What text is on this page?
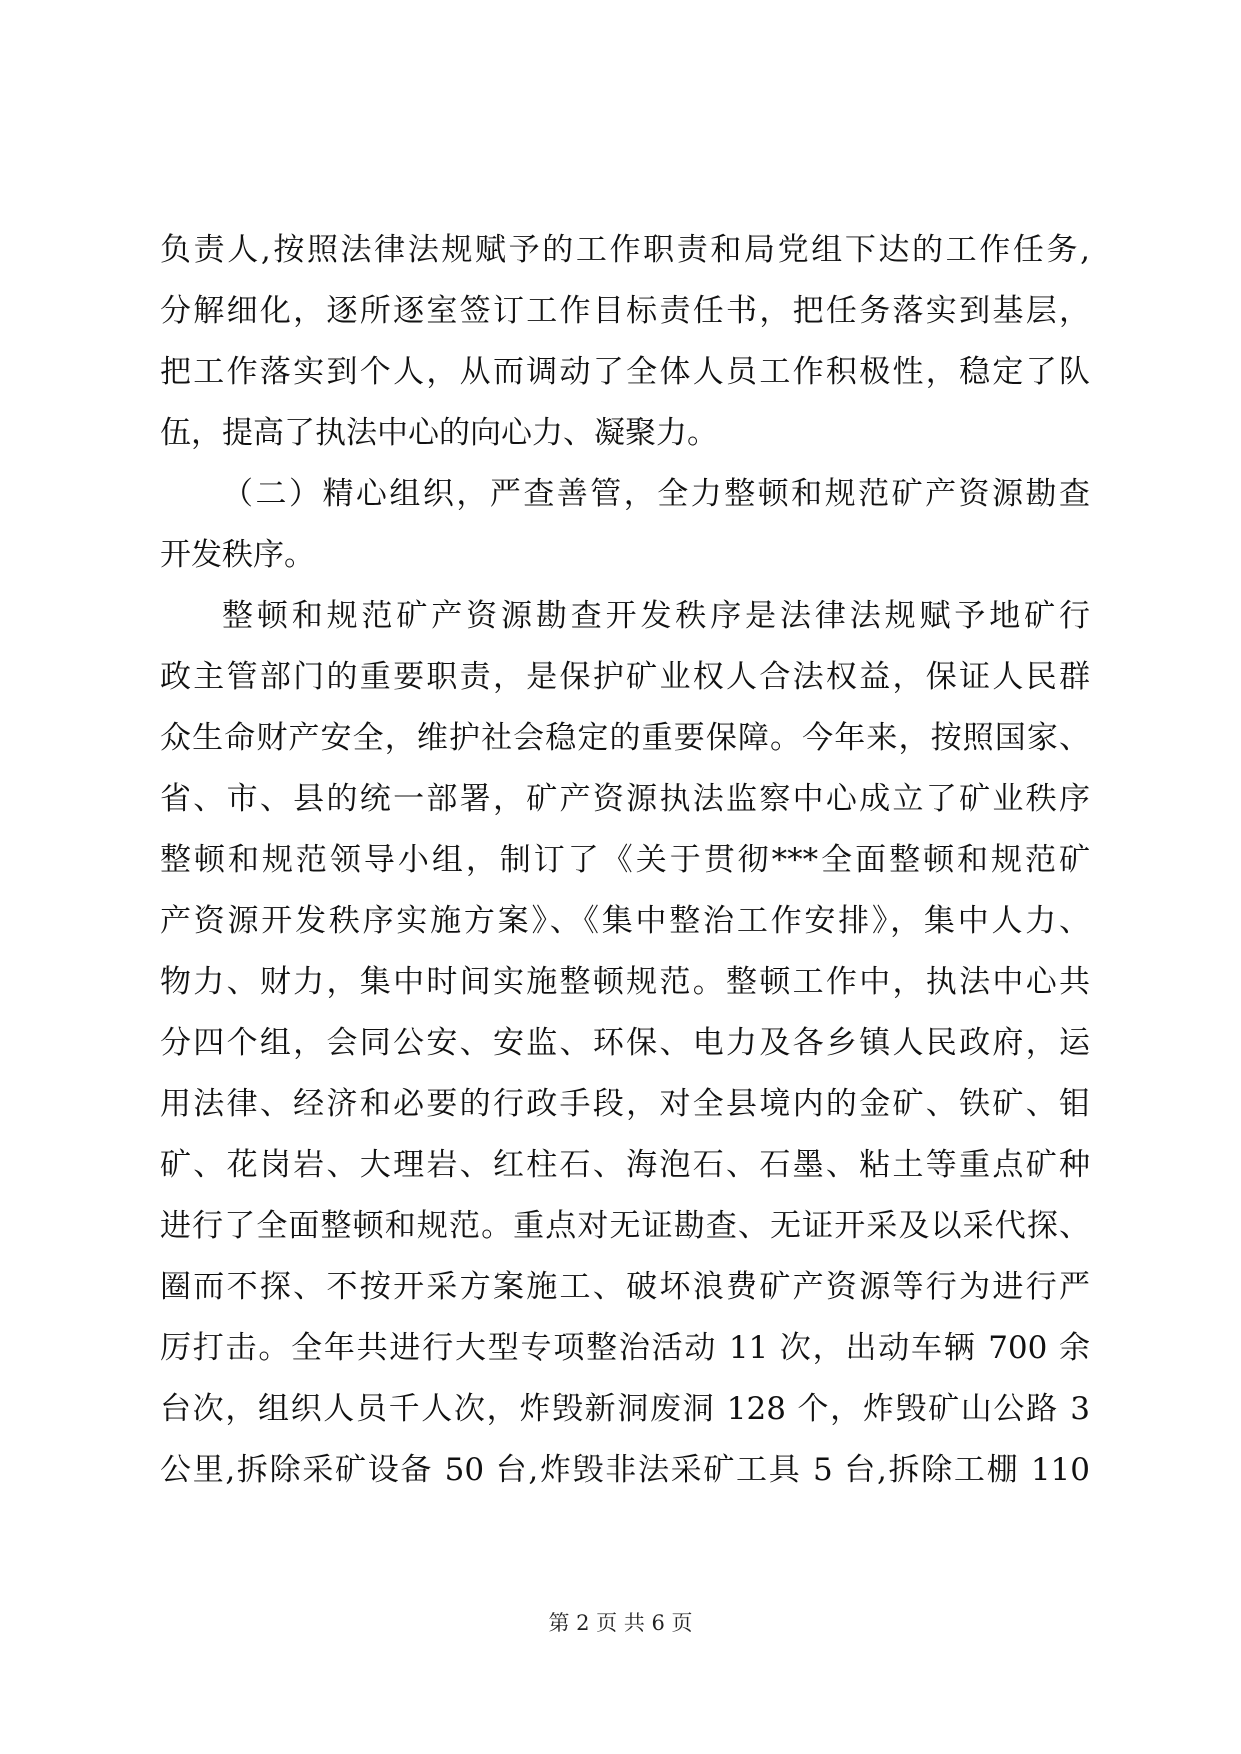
负责人,按照法律法规赋予的工作职责和局党组下达的工作任务,
分解细化，逐所逐室签订工作目标责任书，把任务落实到基层，
把工作落实到个人，从而调动了全体人员工作积极性，稳定了队
伍，提高了执法中心的向心力、凝聚力。
（二）精心组织，严查善管，全力整顿和规范矿产资源勘查
开发秩序。
整顿和规范矿产资源勘查开发秩序是法律法规赋予地矿行
政主管部门的重要职责，是保护矿业权人合法权益，保证人民群
众生命财产安全，维护社会稳定的重要保障。今年来，按照国家、
省、市、县的统一部署，矿产资源执法监察中心成立了矿业秩序
整顿和规范领导小组，制订了《关于贯彻***全面整顿和规范矿
产资源开发秩序实施方案》、《集中整治工作安排》，集中人力、
物力、财力，集中时间实施整顿规范。整顿工作中，执法中心共
分四个组，会同公安、安监、环保、电力及各乡镇人民政府，运
用法律、经济和必要的行政手段，对全县境内的金矿、铁矿、钼
矿、花岗岩、大理岩、红柱石、海泡石、石墨、粘土等重点矿种
进行了全面整顿和规范。重点对无证勘查、无证开采及以采代探、
圈而不探、不按开采方案施工、破坏浪费矿产资源等行为进行严
厉打击。全年共进行大型专项整治活动 11 次，出动车辆 700 余
台次，组织人员千人次，炸毁新洞废洞 128 个，炸毁矿山公路 3
公里,拆除采矿设备 50 台,炸毁非法采矿工具 5 台,拆除工棚 110
第 2 页 共 6 页
